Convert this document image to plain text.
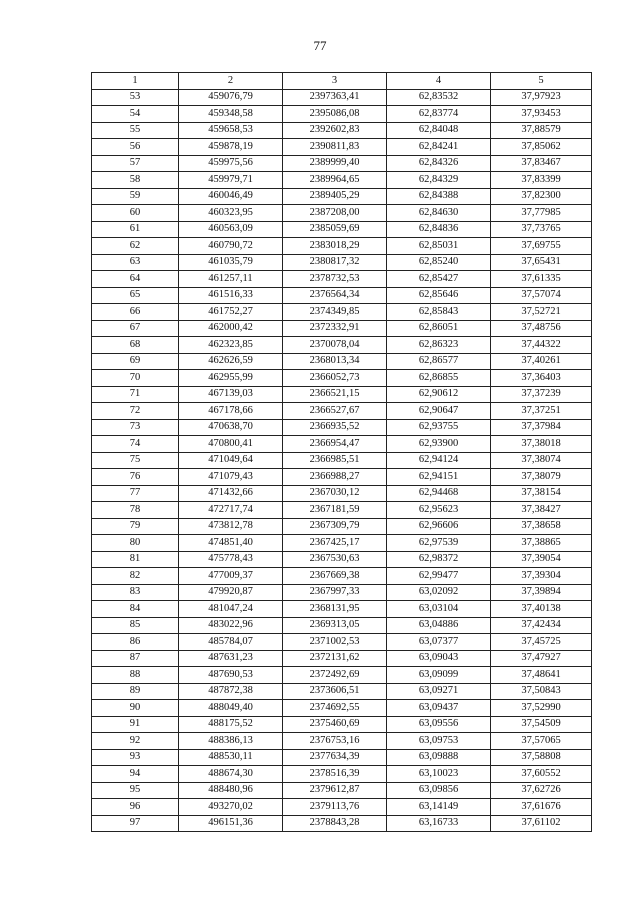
77
1	2	3	4	5
53	459076,79	2397363,41	62,83532	37,97923
54	459348,58	2395086,08	62,83774	37,93453
55	459658,53	2392602,83	62,84048	37,88579
56	459878,19	2390811,83	62,84241	37,85062
57	459975,56	2389999,40	62,84326	37,83467
58	459979,71	2389964,65	62,84329	37,83399
59	460046,49	2389405,29	62,84388	37,82300
60	460323,95	2387208,00	62,84630	37,77985
61	460563,09	2385059,69	62,84836	37,73765
62	460790,72	2383018,29	62,85031	37,69755
63	461035,79	2380817,32	62,85240	37,65431
64	461257,11	2378732,53	62,85427	37,61335
65	461516,33	2376564,34	62,85646	37,57074
66	461752,27	2374349,85	62,85843	37,52721
67	462000,42	2372332,91	62,86051	37,48756
68	462323,85	2370078,04	62,86323	37,44322
69	462626,59	2368013,34	62,86577	37,40261
70	462955,99	2366052,73	62,86855	37,36403
71	467139,03	2366521,15	62,90612	37,37239
72	467178,66	2366527,67	62,90647	37,37251
73	470638,70	2366935,52	62,93755	37,37984
74	470800,41	2366954,47	62,93900	37,38018
75	471049,64	2366985,51	62,94124	37,38074
76	471079,43	2366988,27	62,94151	37,38079
77	471432,66	2367030,12	62,94468	37,38154
78	472717,74	2367181,59	62,95623	37,38427
79	473812,78	2367309,79	62,96606	37,38658
80	474851,40	2367425,17	62,97539	37,38865
81	475778,43	2367530,63	62,98372	37,39054
82	477009,37	2367669,38	62,99477	37,39304
83	479920,87	2367997,33	63,02092	37,39894
84	481047,24	2368131,95	63,03104	37,40138
85	483022,96	2369313,05	63,04886	37,42434
86	485784,07	2371002,53	63,07377	37,45725
87	487631,23	2372131,62	63,09043	37,47927
88	487690,53	2372492,69	63,09099	37,48641
89	487872,38	2373606,51	63,09271	37,50843
90	488049,40	2374692,55	63,09437	37,52990
91	488175,52	2375460,69	63,09556	37,54509
92	488386,13	2376753,16	63,09753	37,57065
93	488530,11	2377634,39	63,09888	37,58808
94	488674,30	2378516,39	63,10023	37,60552
95	488480,96	2379612,87	63,09856	37,62726
96	493270,02	2379113,76	63,14149	37,61676
97	496151,36	2378843,28	63,16733	37,61102
